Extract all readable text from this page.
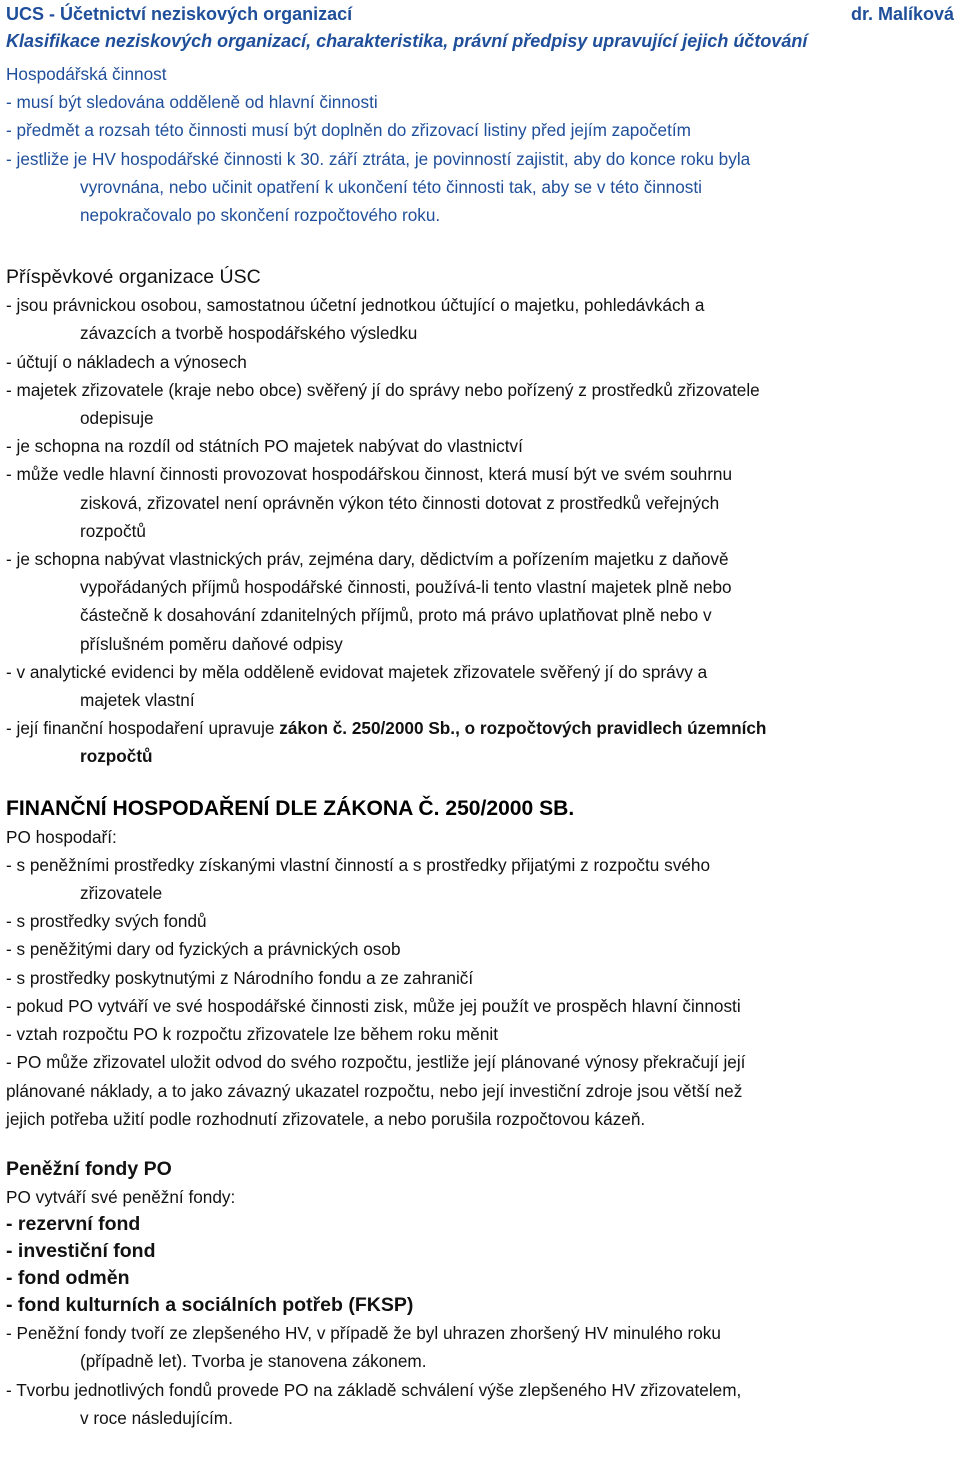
UCS - Účetnictví neziskových organizací	dr. Malíková
Klasifikace neziskových organizací, charakteristika, právní předpisy upravující jejich účtování
Hospodářská činnost
- musí být sledována odděleně od hlavní činnosti
- předmět a rozsah této činnosti musí být doplněn do zřizovací listiny před jejím započetím
- jestliže je HV hospodářské činnosti k 30. září ztráta, je povinností zajistit, aby do konce roku byla
vyrovnána, nebo učinit opatření k ukončení této činnosti tak, aby se v této činnosti
nepokračovalo po skončení rozpočtového roku.
Příspěvkové organizace ÚSC
- jsou právnickou osobou, samostatnou účetní jednotkou účtující o majetku, pohledávkách a
závazcích a tvorbě hospodářského výsledku
- účtují o nákladech a výnosech
- majetek zřizovatele (kraje nebo obce) svěřený jí do správy nebo pořízený z prostředků zřizovatele
odepisuje
- je schopna na rozdíl od státních PO majetek nabývat do vlastnictví
- může vedle hlavní činnosti provozovat hospodářskou činnost, která musí být ve svém souhrnu
zisková, zřizovatel není oprávněn výkon této činnosti dotovat z prostředků veřejných
rozpočtů
- je schopna nabývat vlastnických práv, zejména dary, dědictvím a pořízením majetku z daňově
vypořádaných příjmů hospodářské činnosti, používá-li tento vlastní majetek plně nebo
částečně k dosahování zdanitelných příjmů, proto má právo uplatňovat plně nebo v
příslušném poměru daňové odpisy
- v analytické evidenci by měla odděleně evidovat majetek zřizovatele svěřený jí do správy a
majetek vlastní
- její finanční hospodaření upravuje zákon č. 250/2000 Sb., o rozpočtových pravidlech územních
rozpočtů
FINANČNÍ HOSPODAŘENÍ DLE ZÁKONA Č. 250/2000 SB.
PO hospodaří:
- s peněžními prostředky získanými vlastní činností a s prostředky přijatými z rozpočtu svého
zřizovatele
- s prostředky svých fondů
- s peněžitými dary od fyzických a právnických osob
- s prostředky poskytnutými z Národního fondu a ze zahraničí
- pokud PO vytváří ve své hospodářské činnosti zisk, může jej použít ve prospěch hlavní činnosti
- vztah rozpočtu PO k rozpočtu zřizovatele lze během roku měnit
- PO může zřizovatel uložit odvod do svého rozpočtu, jestliže její plánované výnosy překračují její
plánované náklady, a to jako závazný ukazatel rozpočtu, nebo její investiční zdroje jsou větší než
jejich potřeba užití podle rozhodnutí zřizovatele, a nebo porušila rozpočtovou kázeň.
Peněžní fondy PO
PO vytváří své peněžní fondy:
- rezervní fond
- investiční fond
- fond odměn
- fond kulturních a sociálních potřeb (FKSP)
- Peněžní fondy tvoří ze zlepšeného HV, v případě že byl uhrazen zhoršený HV minulého roku
(případně let). Tvorba je stanovena zákonem.
- Tvorbu jednotlivých fondů provede PO na základě schválení výše zlepšeného HV zřizovatelem,
v roce následujícím.
